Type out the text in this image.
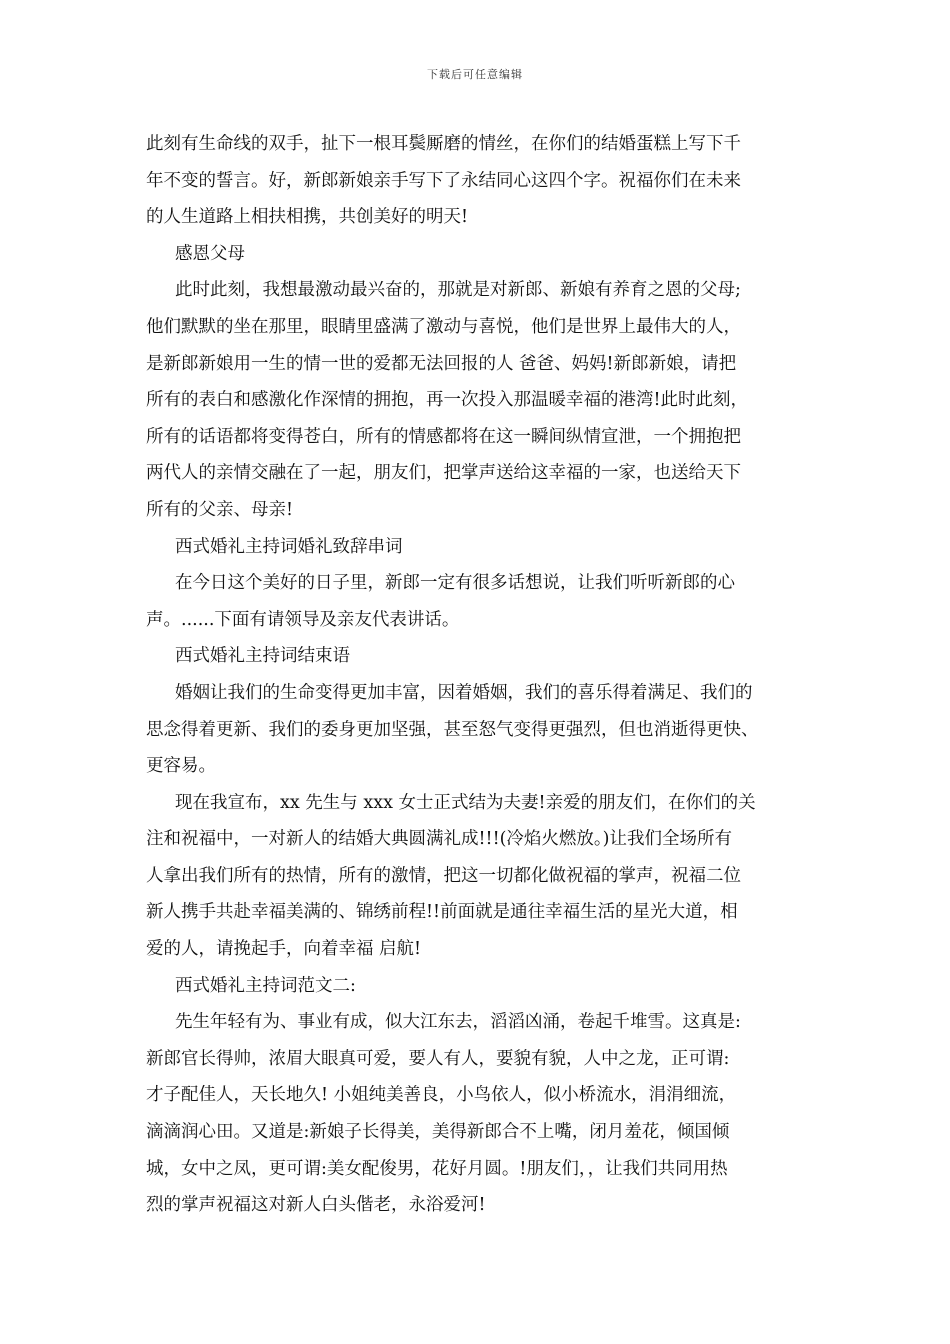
下载后可任意编辑
此刻有生命线的双手，扯下一根耳鬓厮磨的情丝，在你们的结婚蛋糕上写下千
年不变的誓言。好，新郎新娘亲手写下了永结同心这四个字。祝福你们在未来
的人生道路上相扶相携，共创美好的明天!
感恩父母
此时此刻，我想最激动最兴奋的，那就是对新郎、新娘有养育之恩的父母;
他们默默的坐在那里，眼睛里盛满了激动与喜悦，他们是世界上最伟大的人，
是新郎新娘用一生的情一世的爱都无法回报的人 爸爸、妈妈!新郎新娘，请把
所有的表白和感激化作深情的拥抱，再一次投入那温暖幸福的港湾!此时此刻，
所有的话语都将变得苍白，所有的情感都将在这一瞬间纵情宣泄，一个拥抱把
两代人的亲情交融在了一起，朋友们，把掌声送给这幸福的一家，也送给天下
所有的父亲、母亲!
西式婚礼主持词婚礼致辞串词
在今日这个美好的日子里，新郎一定有很多话想说，让我们听听新郎的心
声。......下面有请领导及亲友代表讲话。
西式婚礼主持词结束语
婚姻让我们的生命变得更加丰富，因着婚姻，我们的喜乐得着满足、我们的
思念得着更新、我们的委身更加坚强，甚至怒气变得更强烈，但也消逝得更快、
更容易。
现在我宣布，xx 先生与 xxx 女士正式结为夫妻!亲爱的朋友们，在你们的关
注和祝福中，一对新人的结婚大典圆满礼成!!!(冷焰火燃放。)让我们全场所有
人拿出我们所有的热情，所有的激情，把这一切都化做祝福的掌声，祝福二位
新人携手共赴幸福美满的、锦绣前程!!前面就是通往幸福生活的星光大道，相
爱的人，请挽起手，向着幸福 启航!
西式婚礼主持词范文二:
先生年轻有为、事业有成，似大江东去，滔滔凶涌，卷起千堆雪。这真是:
新郎官长得帅，浓眉大眼真可爱，要人有人，要貌有貌，人中之龙，正可谓:
才子配佳人，天长地久! 小姐纯美善良，小鸟依人，似小桥流水，涓涓细流，
滴滴润心田。又道是:新娘子长得美，美得新郎合不上嘴，闭月羞花，倾国倾
城，女中之凤，更可谓:美女配俊男，花好月圆。!朋友们，，让我们共同用热
烈的掌声祝福这对新人白头偕老，永浴爱河!
